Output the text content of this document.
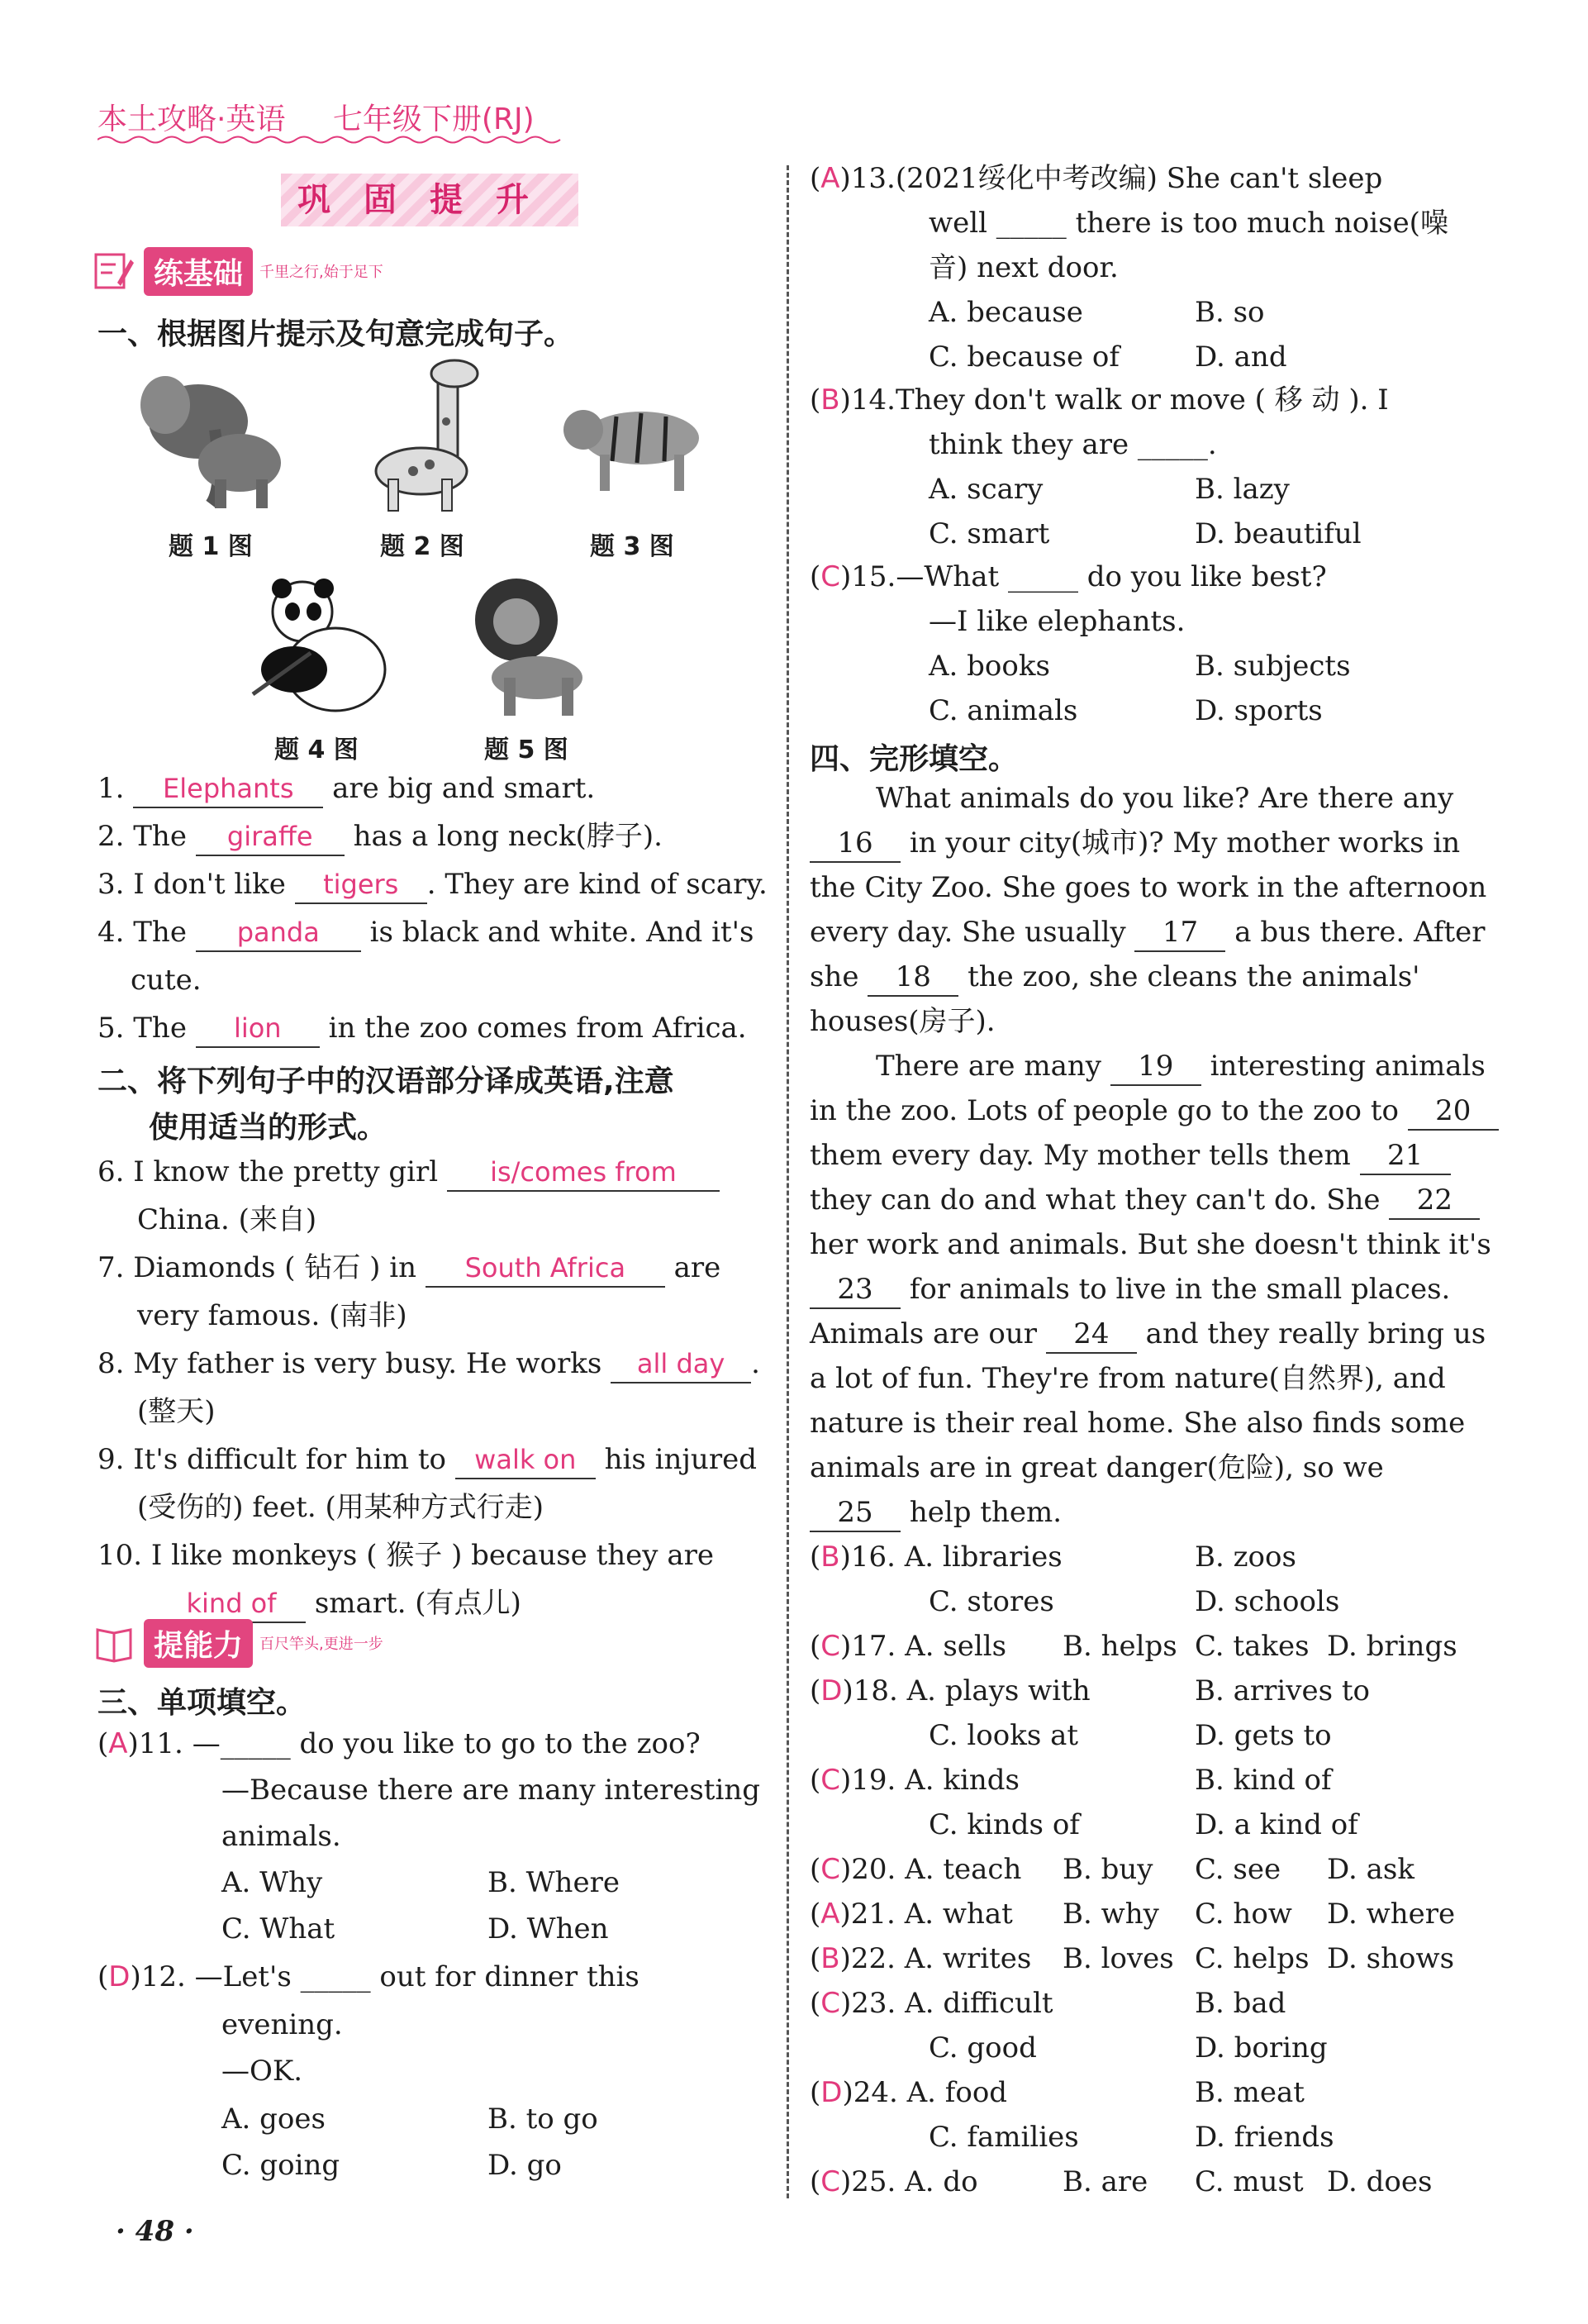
本土攻略·英语 七年级下册(RJ)
巩固提升
练基础	千里之行,始于足下
一、根据图片提示及句意完成句子。
题 1 图	题 2 图	题 3 图
题 4 图	题 5 图
1. Elephants are big and smart.
2. The giraffe has a long neck(脖子).
3. I don't like tigers . They are kind of scary.
4. The panda is black and white. And it's
cute.
5. The lion in the zoo comes from Africa.
二、将下列句子中的汉语部分译成英语,注意
使用适当的形式。
6. I know the pretty girl is/comes from
China. (来自)
7. Diamonds ( 钻石 ) in South Africa are
very famous. (南非)
8. My father is very busy. He works all day .
(整天)
9. It's difficult for him to walk on his injured
(受伤的) feet. (用某种方式行走)
10. I like monkeys ( 猴子 ) because they are
kind of smart. (有点儿)
提能力	百尺竿头,更进一步
三、单项填空。
(A)11. —_____ do you like to go to the zoo?
—Because there are many interesting
animals.
A. Why	B. Where
C. What	D. When
(D)12. —Let's _____ out for dinner this
evening.
—OK.
A. goes	B. to go
C. going	D. go
· 48 ·
(A)13.(2021绥化中考改编) She can't sleep
well _____ there is too much noise(噪
音) next door.
A. because	B. so
C. because of	D. and
(B)14.They don't walk or move ( 移 动 ). I
think they are _____.
A. scary	B. lazy
C. smart	D. beautiful
(C)15.—What _____ do you like best?
—I like elephants.
A. books	B. subjects
C. animals	D. sports
四、完形填空。
What animals do you like? Are there any
16 in your city(城市)? My mother works in
the City Zoo. She goes to work in the afternoon
every day. She usually 17 a bus there. After
she 18 the zoo, she cleans the animals'
houses(房子).
There are many 19 interesting animals
in the zoo. Lots of people go to the zoo to 20
them every day. My mother tells them 21
they can do and what they can't do. She 22
her work and animals. But she doesn't think it's
23 for animals to live in the small places.
Animals are our 24 and they really bring us
a lot of fun. They're from nature(自然界), and
nature is their real home. She also finds some
animals are in great danger(危险), so we
25 help them.
(B)16. A. libraries	B. zoos
C. stores	D. schools
(C)17. A. sells B. helps C. takes D. brings
(D)18. A. plays with	B. arrives to
C. looks at	D. gets to
(C)19. A. kinds	B. kind of
C. kinds of	D. a kind of
(C)20. A. teach B. buy C. see D. ask
(A)21. A. what B. why C. how D. where
(B)22. A. writes B. loves C. helps D. shows
(C)23. A. difficult	B. bad
C. good	D. boring
(D)24. A. food	B. meat
C. families	D. friends
(C)25. A. do	B. are C. must D. does
